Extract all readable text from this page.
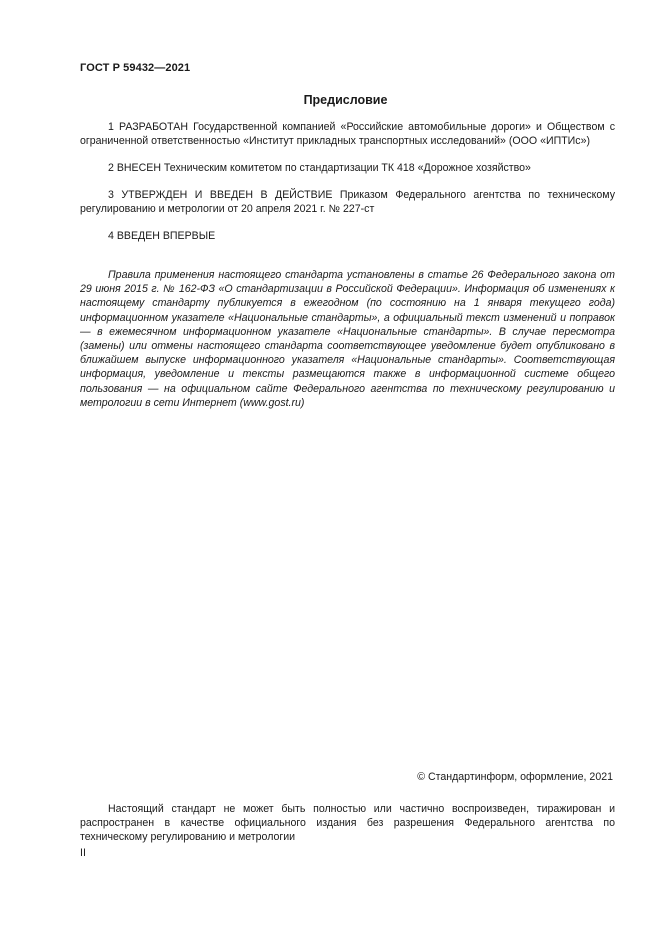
ГОСТ Р 59432—2021
Предисловие

1 РАЗРАБОТАН Государственной компанией «Российские автомобильные дороги» и Обществом с ограниченной ответственностью «Институт прикладных транспортных исследований» (ООО «ИПТИс»)

2 ВНЕСЕН Техническим комитетом по стандартизации ТК 418 «Дорожное хозяйство»

3 УТВЕРЖДЕН И ВВЕДЕН В ДЕЙСТВИЕ Приказом Федерального агентства по техническому регулированию и метрологии от 20 апреля 2021 г. № 227-ст

4 ВВЕДЕН ВПЕРВЫЕ

Правила применения настоящего стандарта установлены в статье 26 Федерального закона от 29 июня 2015 г. № 162-ФЗ «О стандартизации в Российской Федерации». Информация об изменениях к настоящему стандарту публикуется в ежегодном (по состоянию на 1 января текущего года) информационном указателе «Национальные стандарты», а официальный текст изменений и поправок — в ежемесячном информационном указателе «Национальные стандарты». В случае пересмотра (замены) или отмены настоящего стандарта соответствующее уведомление будет опубликовано в ближайшем выпуске информационного указателя «Национальные стандарты». Соответствующая информация, уведомление и тексты размещаются также в информационной системе общего пользования — на официальном сайте Федерального агентства по техническому регулированию и метрологии в сети Интернет (www.gost.ru)

© Стандартинформ, оформление, 2021

Настоящий стандарт не может быть полностью или частично воспроизведен, тиражирован и распространен в качестве официального издания без разрешения Федерального агентства по техническому регулированию и метрологии

II
